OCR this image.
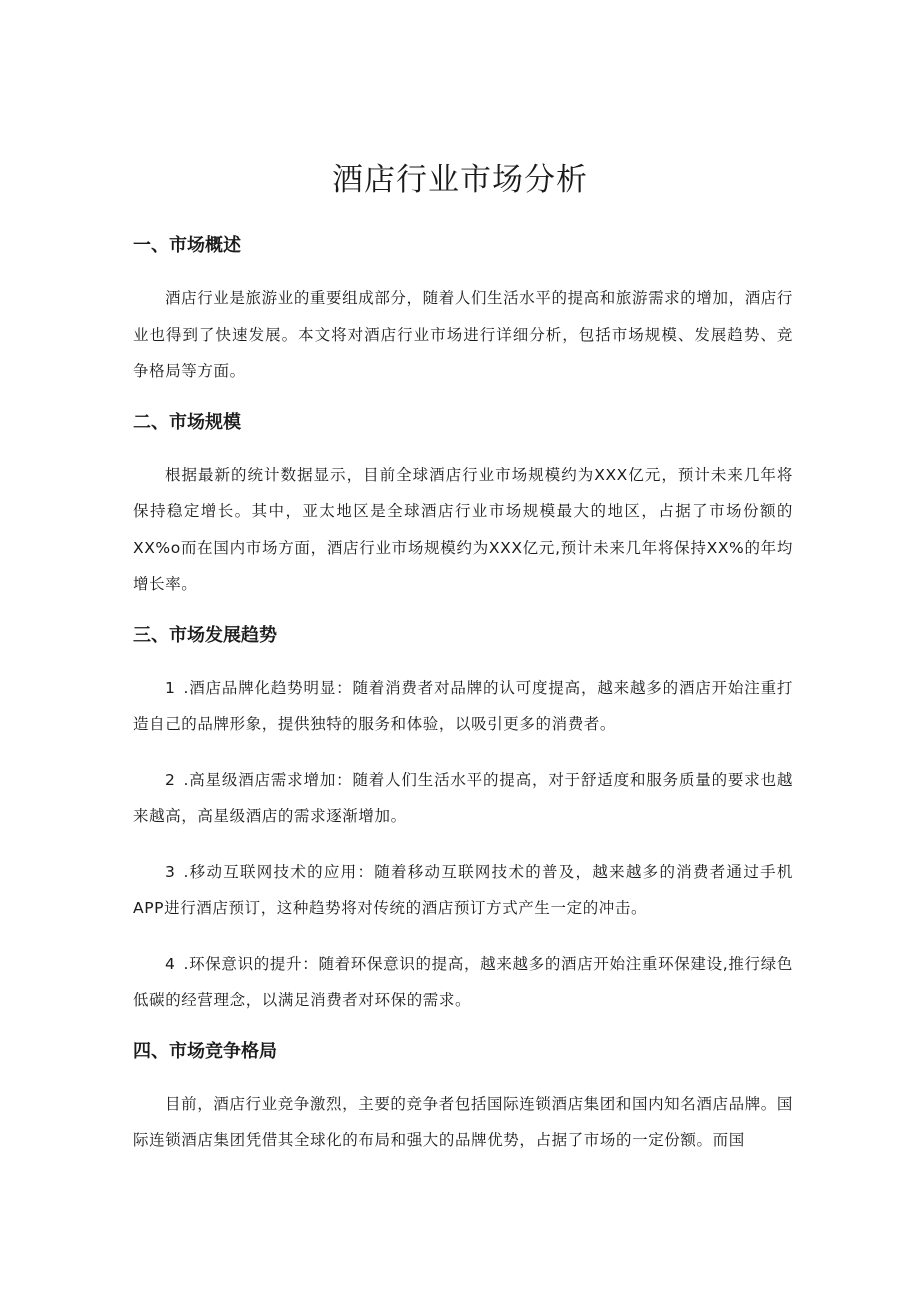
酒店行业市场分析
一、市场概述

酒店行业是旅游业的重要组成部分，随着人们生活水平的提高和旅游需求的增加，酒店行业也得到了快速发展。本文将对酒店行业市场进行详细分析，包括市场规模、发展趋势、竞争格局等方面。

二、市场规模

根据最新的统计数据显示，目前全球酒店行业市场规模约为XXX亿元，预计未来几年将保持稳定增长。其中，亚太地区是全球酒店行业市场规模最大的地区，占据了市场份额的XX%o而在国内市场方面，酒店行业市场规模约为XXX亿元,预计未来几年将保持XX%的年均增长率。

三、市场发展趋势

1 .酒店品牌化趋势明显：随着消费者对品牌的认可度提高，越来越多的酒店开始注重打造自己的品牌形象，提供独特的服务和体验，以吸引更多的消费者。

2 .高星级酒店需求增加：随着人们生活水平的提高，对于舒适度和服务质量的要求也越来越高，高星级酒店的需求逐渐增加。

3 .移动互联网技术的应用：随着移动互联网技术的普及，越来越多的消费者通过手机APP进行酒店预订，这种趋势将对传统的酒店预订方式产生一定的冲击。

4 .环保意识的提升：随着环保意识的提高，越来越多的酒店开始注重环保建设,推行绿色低碳的经营理念，以满足消费者对环保的需求。

四、市场竞争格局

目前，酒店行业竞争激烈，主要的竞争者包括国际连锁酒店集团和国内知名酒店品牌。国际连锁酒店集团凭借其全球化的布局和强大的品牌优势，占据了市场的一定份额。而国
